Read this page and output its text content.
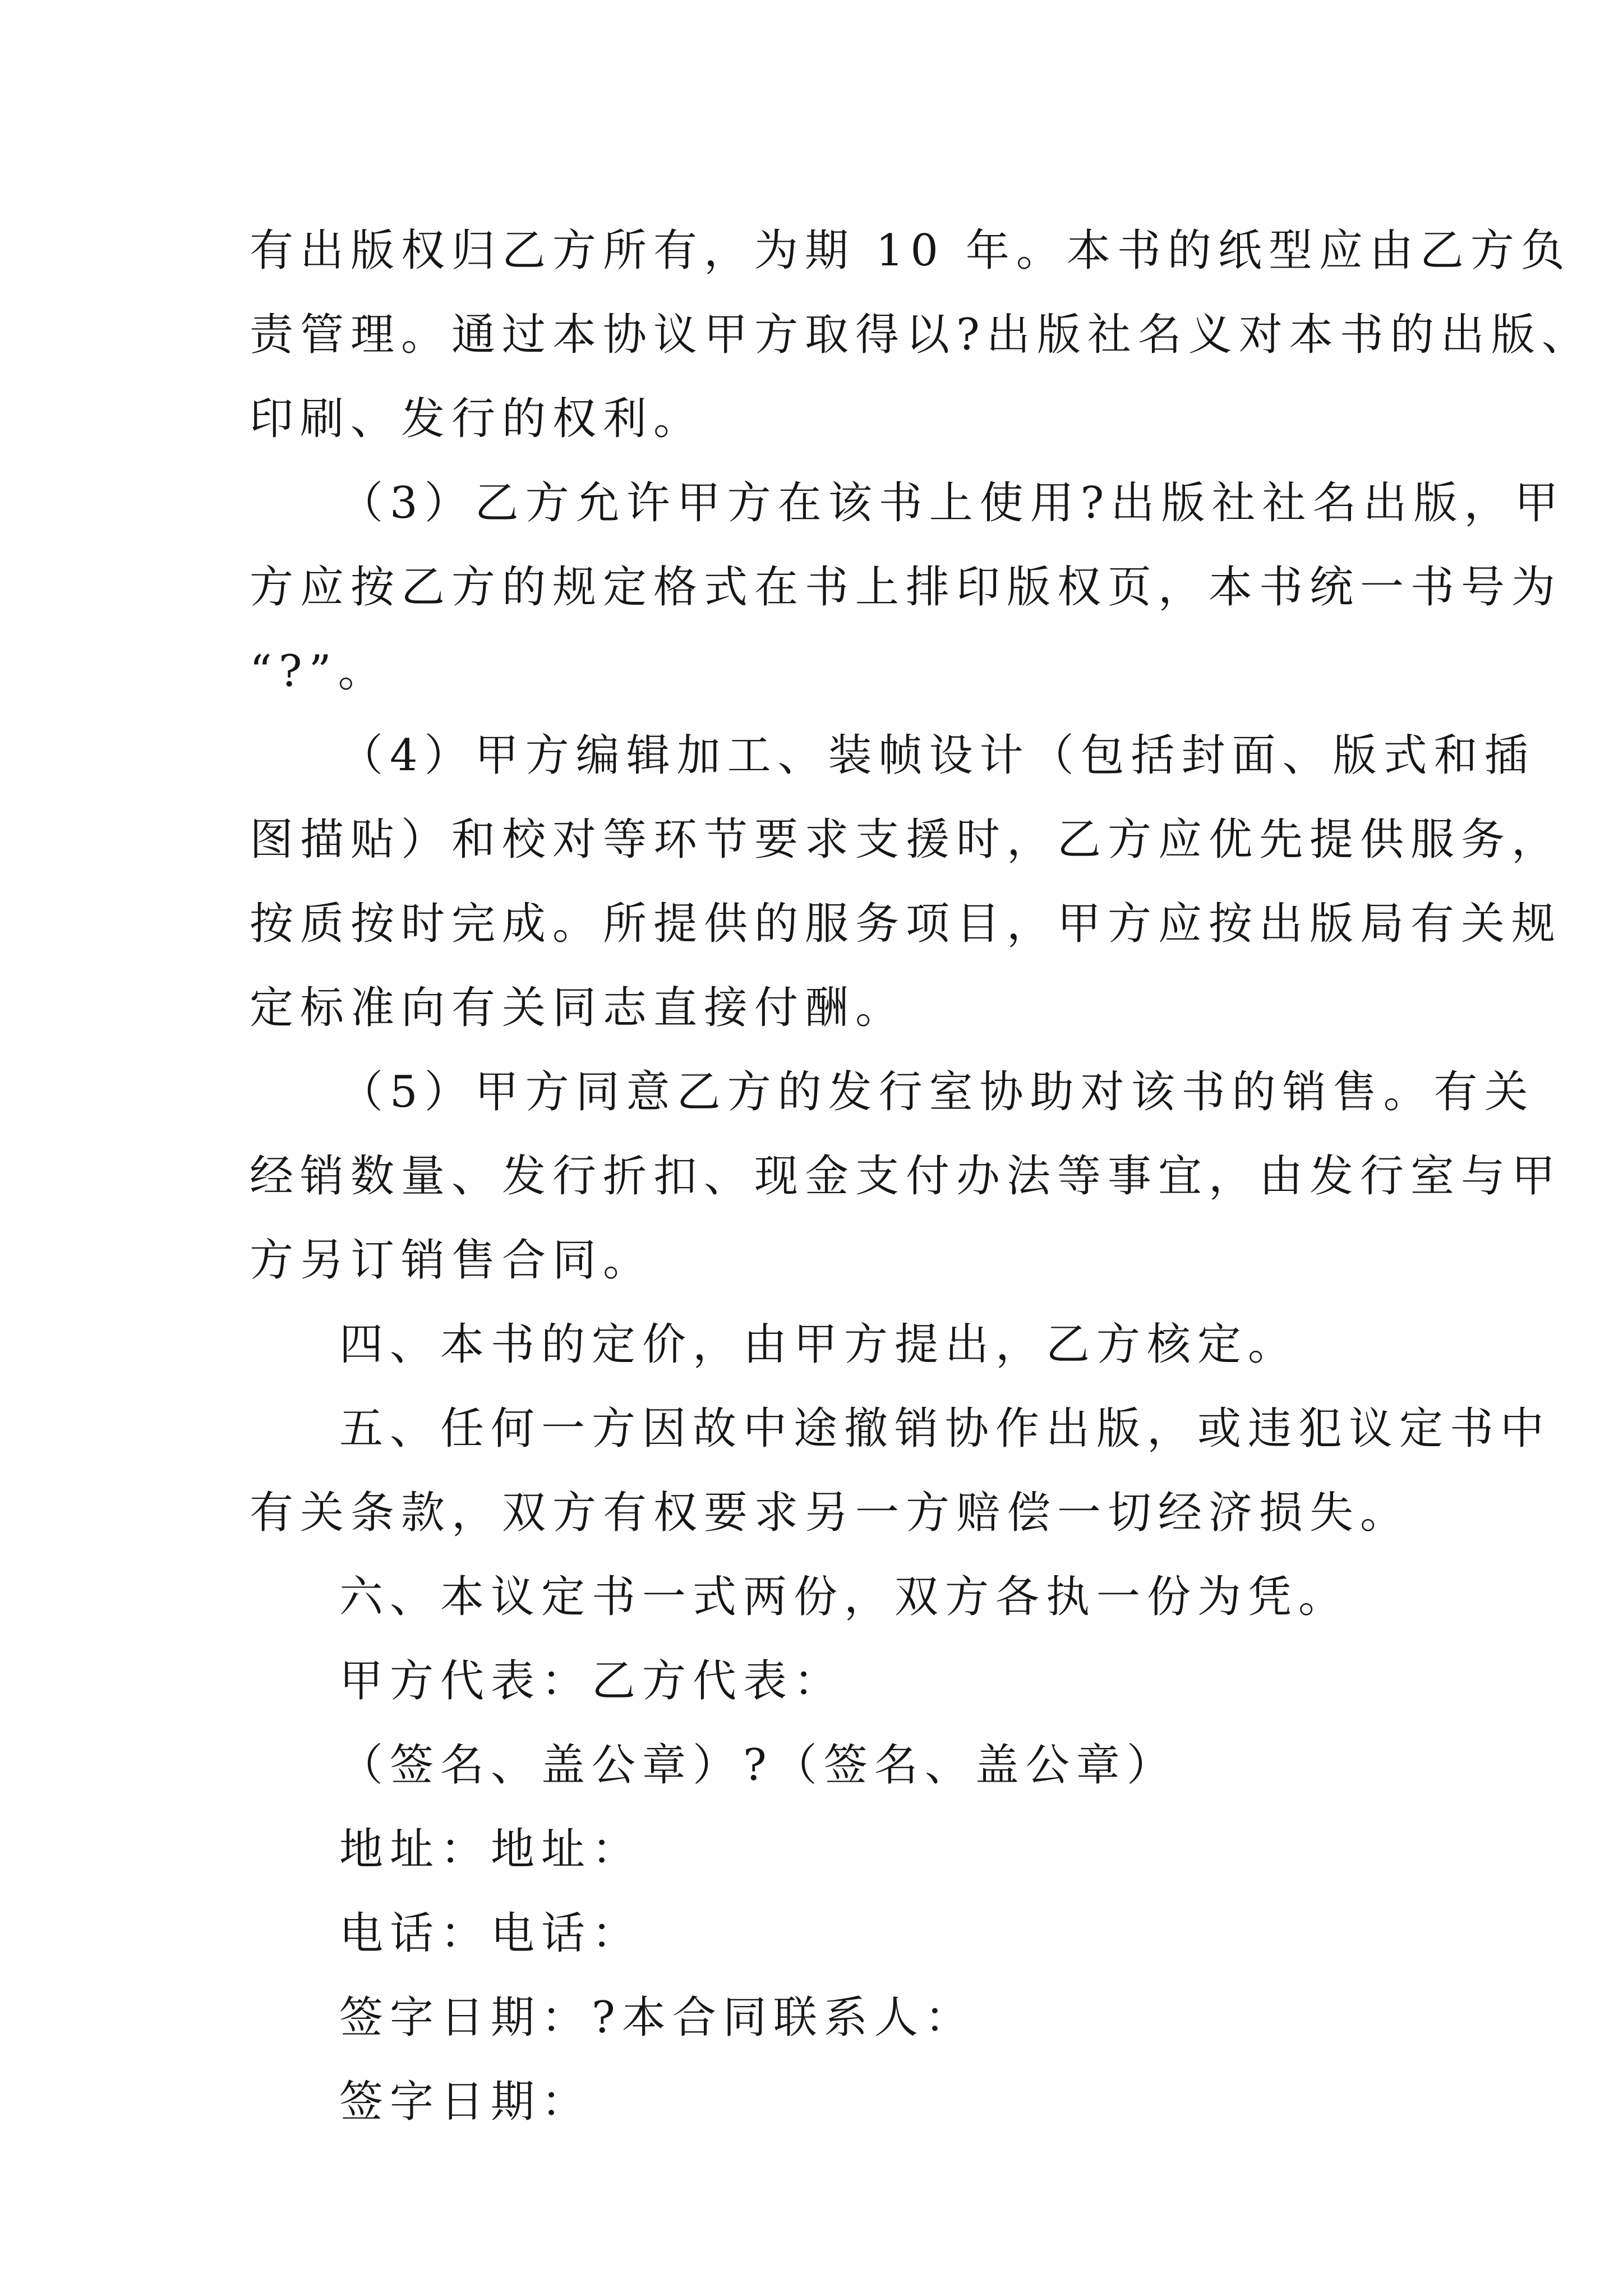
有出版权归乙方所有，为期 10 年。本书的纸型应由乙方负
责管理。通过本协议甲方取得以?出版社名义对本书的出版、
印刷、发行的权利。
（3）乙方允许甲方在该书上使用?出版社社名出版，甲
方应按乙方的规定格式在书上排印版权页，本书统一书号为
“?”。
（4）甲方编辑加工、装帧设计（包括封面、版式和插
图描贴）和校对等环节要求支援时，乙方应优先提供服务，
按质按时完成。所提供的服务项目，甲方应按出版局有关规
定标准向有关同志直接付酬。
（5）甲方同意乙方的发行室协助对该书的销售。有关
经销数量、发行折扣、现金支付办法等事宜，由发行室与甲
方另订销售合同。
四、本书的定价，由甲方提出，乙方核定。
五、任何一方因故中途撤销协作出版，或违犯议定书中
有关条款，双方有权要求另一方赔偿一切经济损失。
六、本议定书一式两份，双方各执一份为凭。
甲方代表：乙方代表：
（签名、盖公章）?（签名、盖公章）
地址：地址：
电话：电话：
签字日期：?本合同联系人：
签字日期：
